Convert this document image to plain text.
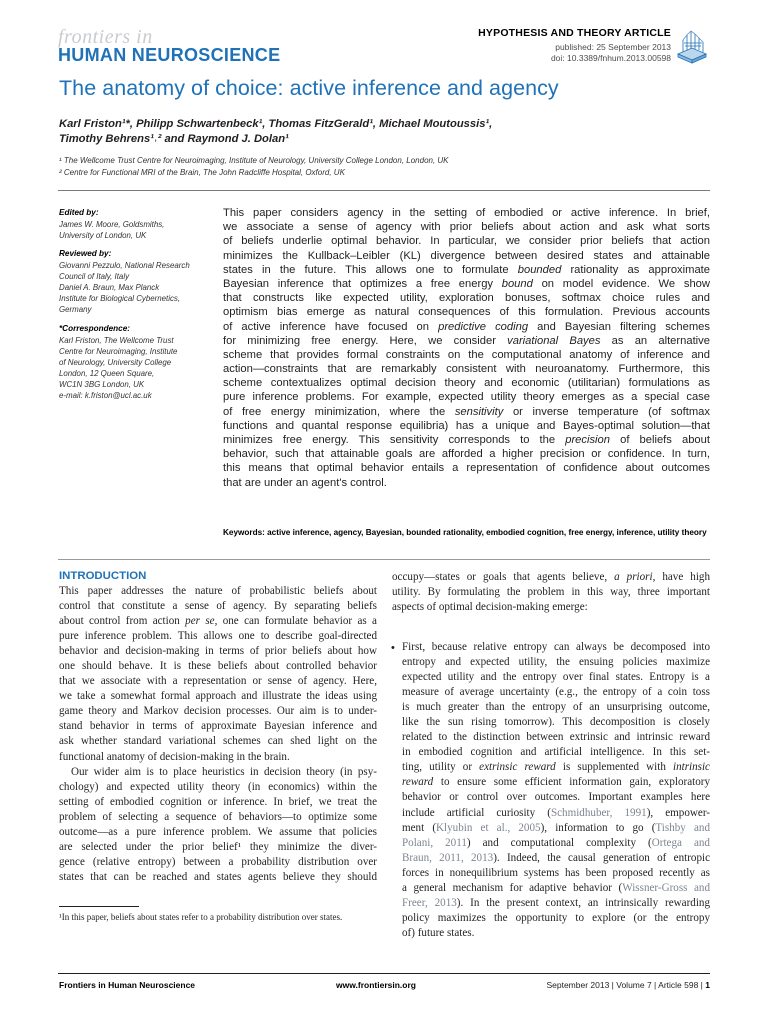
frontiers in
HUMAN NEUROSCIENCE
HYPOTHESIS AND THEORY ARTICLE
published: 25 September 2013
doi: 10.3389/fnhum.2013.00598
The anatomy of choice: active inference and agency
Karl Friston¹*, Philipp Schwartenbeck¹, Thomas FitzGerald¹, Michael Moutoussis¹,
Timothy Behrens¹˒² and Raymond J. Dolan¹
¹ The Wellcome Trust Centre for Neuroimaging, Institute of Neurology, University College London, London, UK
² Centre for Functional MRI of the Brain, The John Radcliffe Hospital, Oxford, UK
Edited by:
James W. Moore, Goldsmiths,
University of London, UK
Reviewed by:
Giovanni Pezzulo, National Research
Council of Italy, Italy
Daniel A. Braun, Max Planck
Institute for Biological Cybernetics,
Germany
*Correspondence:
Karl Friston, The Wellcome Trust
Centre for Neuroimaging, Institute
of Neurology, University College
London, 12 Queen Square,
WC1N 3BG London, UK
e-mail: k.friston@ucl.ac.uk
This paper considers agency in the setting of embodied or active inference. In brief,
we associate a sense of agency with prior beliefs about action and ask what sorts
of beliefs underlie optimal behavior. In particular, we consider prior beliefs that action
minimizes the Kullback–Leibler (KL) divergence between desired states and attainable
states in the future. This allows one to formulate bounded rationality as approximate
Bayesian inference that optimizes a free energy bound on model evidence. We show
that constructs like expected utility, exploration bonuses, softmax choice rules and
optimism bias emerge as natural consequences of this formulation. Previous accounts
of active inference have focused on predictive coding and Bayesian filtering schemes
for minimizing free energy. Here, we consider variational Bayes as an alternative
scheme that provides formal constraints on the computational anatomy of inference and
action—constraints that are remarkably consistent with neuroanatomy. Furthermore, this
scheme contextualizes optimal decision theory and economic (utilitarian) formulations as
pure inference problems. For example, expected utility theory emerges as a special case
of free energy minimization, where the sensitivity or inverse temperature (of softmax
functions and quantal response equilibria) has a unique and Bayes-optimal solution—that
minimizes free energy. This sensitivity corresponds to the precision of beliefs about
behavior, such that attainable goals are afforded a higher precision or confidence. In turn,
this means that optimal behavior entails a representation of confidence about outcomes
that are under an agent's control.
Keywords: active inference, agency, Bayesian, bounded rationality, embodied cognition, free energy, inference, utility theory
INTRODUCTION
This paper addresses the nature of probabilistic beliefs about
control that constitute a sense of agency. By separating beliefs
about control from action per se, one can formulate behavior as a
pure inference problem. This allows one to describe goal-directed
behavior and decision-making in terms of prior beliefs about how
one should behave. It is these beliefs about controlled behavior
that we associate with a representation or sense of agency. Here,
we take a somewhat formal approach and illustrate the ideas using
game theory and Markov decision processes. Our aim is to under-
stand behavior in terms of approximate Bayesian inference and
ask whether standard variational schemes can shed light on the
functional anatomy of decision-making in the brain.
Our wider aim is to place heuristics in decision theory (in psy-
chology) and expected utility theory (in economics) within the
setting of embodied cognition or inference. In brief, we treat the
problem of selecting a sequence of behaviors—to optimize some
outcome—as a pure inference problem. We assume that policies
are selected under the prior belief¹ they minimize the diver-
gence (relative entropy) between a probability distribution over
states that can be reached and states agents believe they should
¹In this paper, beliefs about states refer to a probability distribution over states.
occupy—states or goals that agents believe, a priori, have high
utility. By formulating the problem in this way, three important
aspects of optimal decision-making emerge:
• First, because relative entropy can always be decomposed into
entropy and expected utility, the ensuing policies maximize
expected utility and the entropy over final states. Entropy is a
measure of average uncertainty (e.g., the entropy of a coin toss
is much greater than the entropy of an unsurprising outcome,
like the sun rising tomorrow). This decomposition is closely
related to the distinction between extrinsic and intrinsic reward
in embodied cognition and artificial intelligence. In this set-
ting, utility or extrinsic reward is supplemented with intrinsic
reward to ensure some efficient information gain, exploratory
behavior or control over outcomes. Important examples here
include artificial curiosity (Schmidhuber, 1991), empower-
ment (Klyubin et al., 2005), information to go (Tishby and
Polani, 2011) and computational complexity (Ortega and
Braun, 2011, 2013). Indeed, the causal generation of entropic
forces in nonequilibrium systems has been proposed recently as
a general mechanism for adaptive behavior (Wissner-Gross and
Freer, 2013). In the present context, an intrinsically rewarding
policy maximizes the opportunity to explore (or the entropy
of) future states.
Frontiers in Human Neuroscience	www.frontiersin.org	September 2013 | Volume 7 | Article 598 | 1
